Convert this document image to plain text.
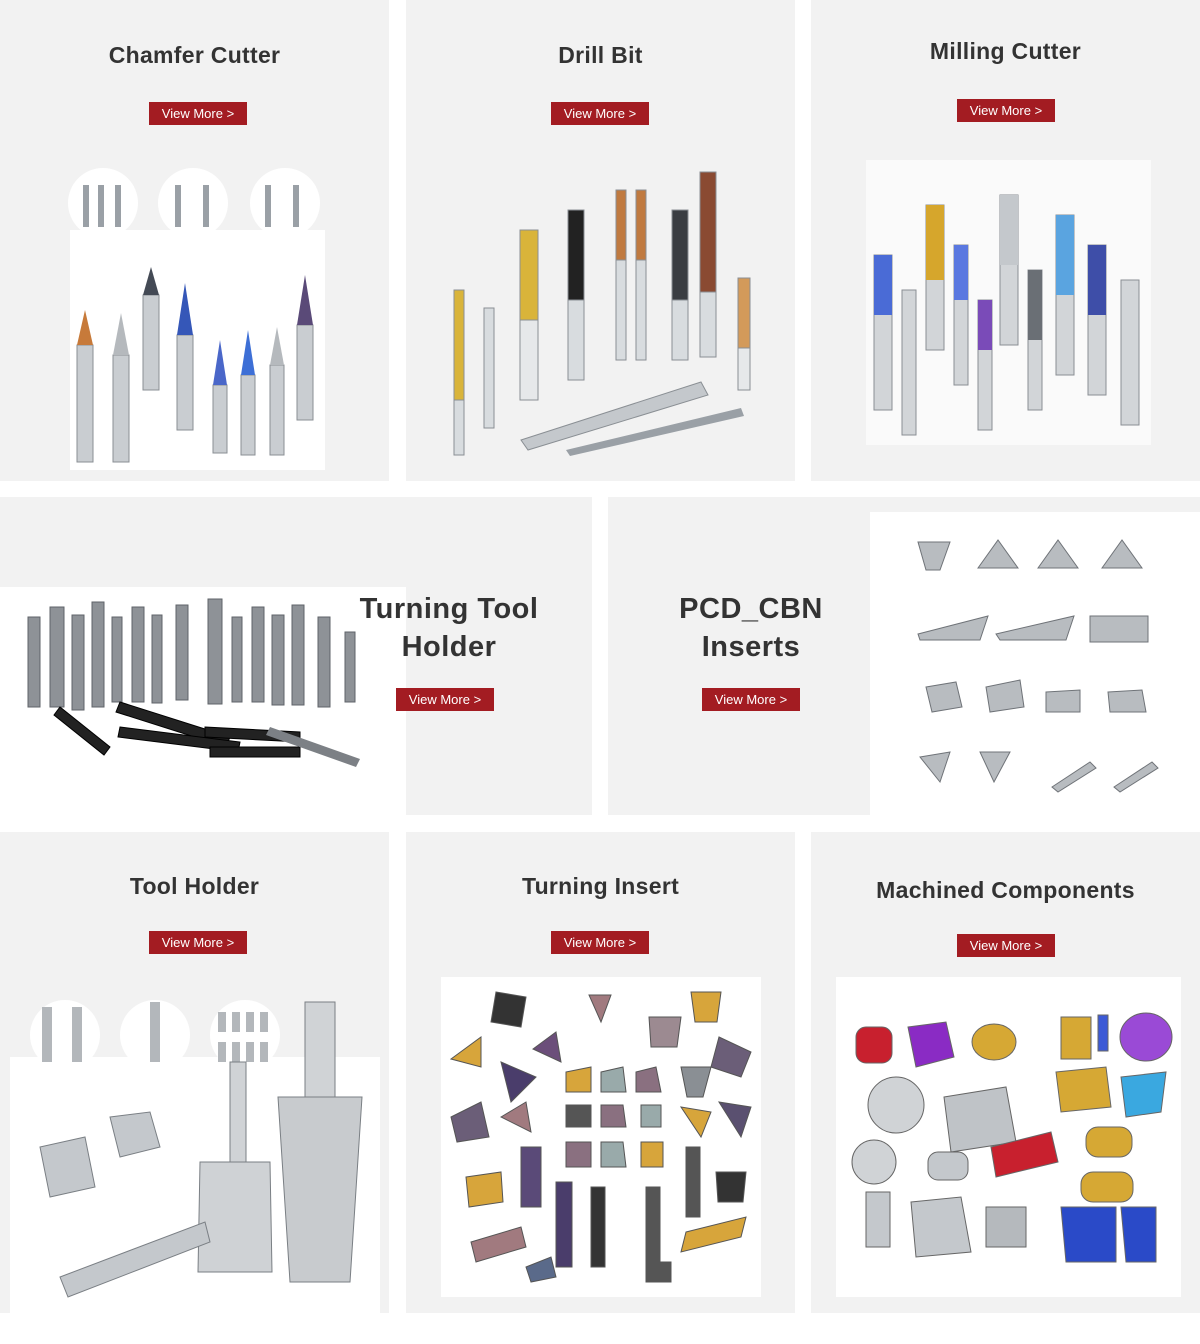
Chamfer Cutter
View More >
Drill Bit
View More >
Milling Cutter
View More >
Turning Tool
Holder
View More >
PCD_CBN
Inserts
View More >
Tool Holder
View More >
Turning Insert
View More >
Machined Components
View More >
